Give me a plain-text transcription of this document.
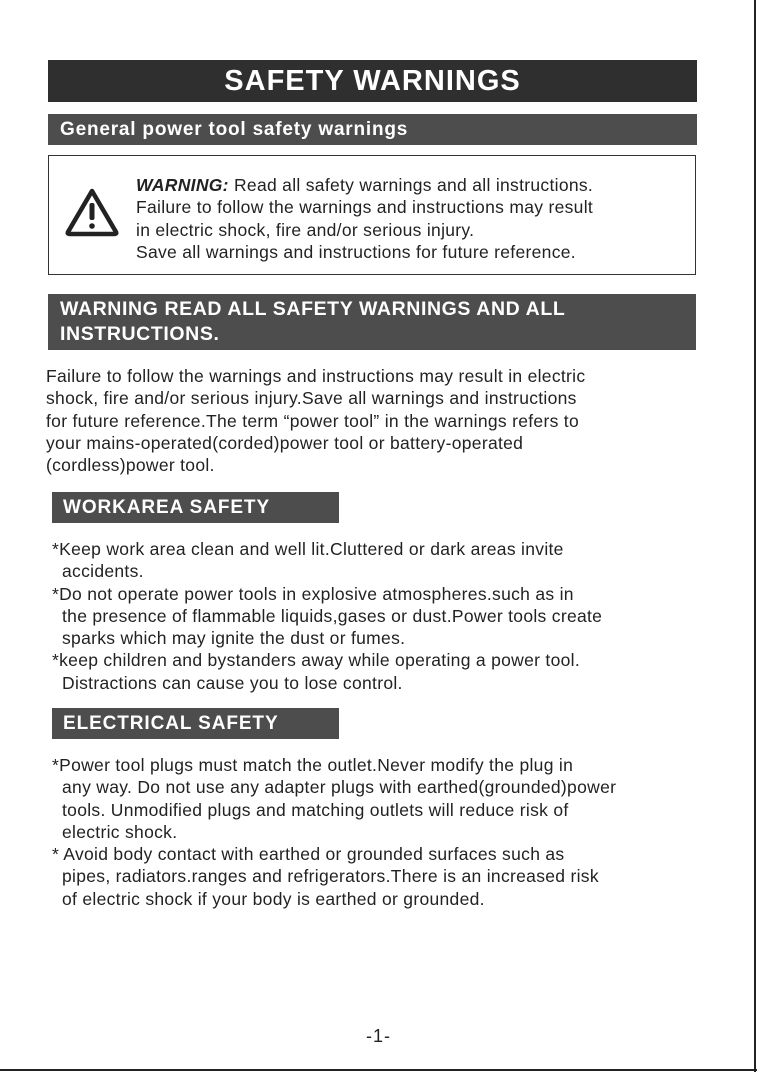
SAFETY WARNINGS
General power tool safety warnings
WARNING: Read all safety warnings and all instructions.
Failure to follow the warnings and instructions may result
in electric shock, fire and/or serious injury.
Save all warnings and instructions for future reference.
WARNING READ ALL SAFETY WARNINGS AND ALL
INSTRUCTIONS.
Failure to follow the warnings and instructions may result in electric
shock, fire and/or serious injury.Save all warnings and instructions
for future reference.The term “power tool” in the warnings refers to
your mains-operated(corded)power tool or battery-operated
(cordless)power tool.
WORKAREA SAFETY
*Keep work area clean and well lit.Cluttered or dark areas invite
accidents.
*Do not operate power tools in explosive atmospheres.such as in
the presence of flammable liquids,gases or dust.Power tools create
sparks which may ignite the dust or fumes.
*keep children and bystanders away while operating a power tool.
Distractions can cause you to lose control.
ELECTRICAL SAFETY
*Power tool plugs must match the outlet.Never modify the plug in
any way. Do not use any adapter plugs with earthed(grounded)power
tools. Unmodified plugs and matching outlets will reduce risk of
electric shock.
* Avoid body contact with earthed or grounded surfaces such as
pipes, radiators.ranges and refrigerators.There is an increased risk
of electric shock if your body is earthed or grounded.
-1-
